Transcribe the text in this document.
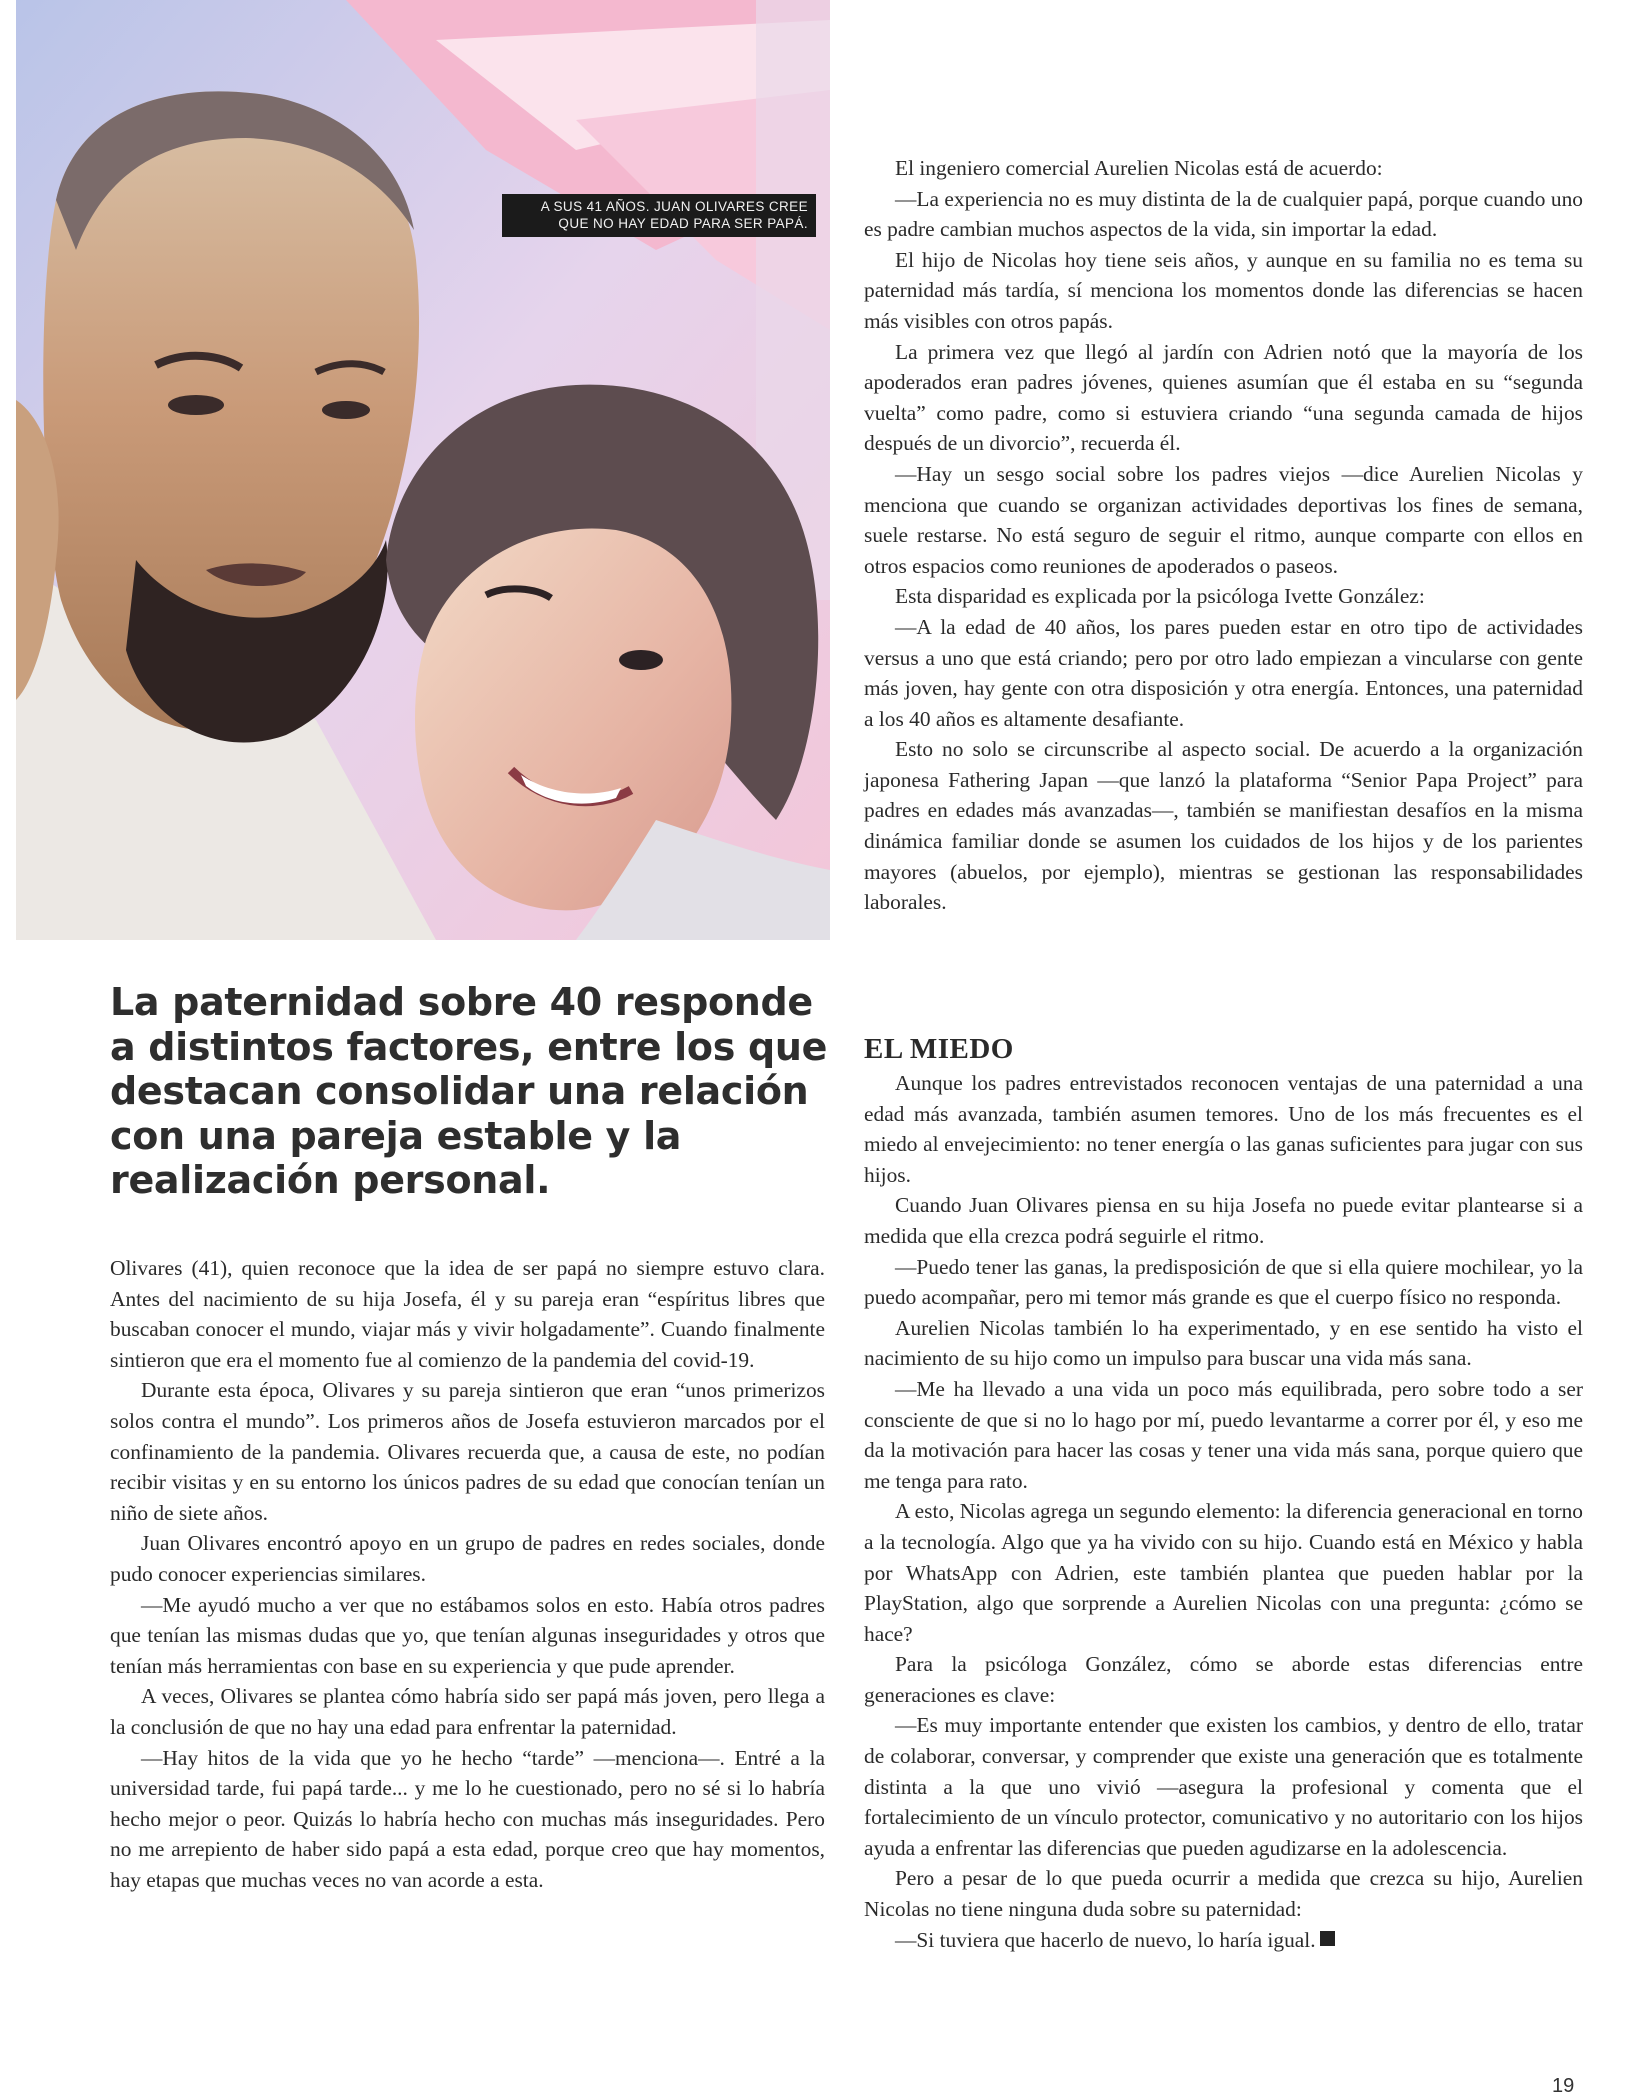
A SUS 41 AÑOS. JUAN OLIVARES CREE QUE NO HAY EDAD PARA SER PAPÁ.
La paternidad sobre 40 responde a distintos factores, entre los que destacan consolidar una relación con una pareja estable y la realización personal.

Olivares (41), quien reconoce que la idea de ser papá no siempre estuvo clara. Antes del nacimiento de su hija Josefa, él y su pareja eran “espíritus libres que buscaban conocer el mundo, viajar más y vivir holgadamente”. Cuando finalmente sintieron que era el momento fue al comienzo de la pandemia del covid-19.

Durante esta época, Olivares y su pareja sintieron que eran “unos primerizos solos contra el mundo”. Los primeros años de Josefa estuvieron marcados por el confinamiento de la pandemia. Olivares recuerda que, a causa de este, no podían recibir visitas y en su entorno los únicos padres de su edad que conocían tenían un niño de siete años.

Juan Olivares encontró apoyo en un grupo de padres en redes sociales, donde pudo conocer experiencias similares.

—Me ayudó mucho a ver que no estábamos solos en esto. Había otros padres que tenían las mismas dudas que yo, que tenían algunas inseguridades y otros que tenían más herramientas con base en su experiencia y que pude aprender.

A veces, Olivares se plantea cómo habría sido ser papá más joven, pero llega a la conclusión de que no hay una edad para enfrentar la paternidad.

—Hay hitos de la vida que yo he hecho “tarde” —menciona—. Entré a la universidad tarde, fui papá tarde... y me lo he cuestionado, pero no sé si lo habría hecho mejor o peor. Quizás lo habría hecho con muchas más inseguridades. Pero no me arrepiento de haber sido papá a esta edad, porque creo que hay momentos, hay etapas que muchas veces no van acorde a esta.

El ingeniero comercial Aurelien Nicolas está de acuerdo:

—La experiencia no es muy distinta de la de cualquier papá, porque cuando uno es padre cambian muchos aspectos de la vida, sin importar la edad.

El hijo de Nicolas hoy tiene seis años, y aunque en su familia no es tema su paternidad más tardía, sí menciona los momentos donde las diferencias se hacen más visibles con otros papás.

La primera vez que llegó al jardín con Adrien notó que la mayoría de los apoderados eran padres jóvenes, quienes asumían que él estaba en su “segunda vuelta” como padre, como si estuviera criando “una segunda camada de hijos después de un divorcio”, recuerda él.

—Hay un sesgo social sobre los padres viejos —dice Aurelien Nicolas y menciona que cuando se organizan actividades deportivas los fines de semana, suele restarse. No está seguro de seguir el ritmo, aunque comparte con ellos en otros espacios como reuniones de apoderados o paseos.

Esta disparidad es explicada por la psicóloga Ivette González:

—A la edad de 40 años, los pares pueden estar en otro tipo de actividades versus a uno que está criando; pero por otro lado empiezan a vincularse con gente más joven, hay gente con otra disposición y otra energía. Entonces, una paternidad a los 40 años es altamente desafiante.

Esto no solo se circunscribe al aspecto social. De acuerdo a la organización japonesa Fathering Japan —que lanzó la plataforma “Senior Papa Project” para padres en edades más avanzadas—, también se manifiestan desafíos en la misma dinámica familiar donde se asumen los cuidados de los hijos y de los parientes mayores (abuelos, por ejemplo), mientras se gestionan las responsabilidades laborales.

EL MIEDO

Aunque los padres entrevistados reconocen ventajas de una paternidad a una edad más avanzada, también asumen temores. Uno de los más frecuentes es el miedo al envejecimiento: no tener energía o las ganas suficientes para jugar con sus hijos.

Cuando Juan Olivares piensa en su hija Josefa no puede evitar plantearse si a medida que ella crezca podrá seguirle el ritmo.

—Puedo tener las ganas, la predisposición de que si ella quiere mochilear, yo la puedo acompañar, pero mi temor más grande es que el cuerpo físico no responda.

Aurelien Nicolas también lo ha experimentado, y en ese sentido ha visto el nacimiento de su hijo como un impulso para buscar una vida más sana.

—Me ha llevado a una vida un poco más equilibrada, pero sobre todo a ser consciente de que si no lo hago por mí, puedo levantarme a correr por él, y eso me da la motivación para hacer las cosas y tener una vida más sana, porque quiero que me tenga para rato.

A esto, Nicolas agrega un segundo elemento: la diferencia generacional en torno a la tecnología. Algo que ya ha vivido con su hijo. Cuando está en México y habla por WhatsApp con Adrien, este también plantea que pueden hablar por la PlayStation, algo que sorprende a Aurelien Nicolas con una pregunta: ¿cómo se hace?

Para la psicóloga González, cómo se aborde estas diferencias entre generaciones es clave:

—Es muy importante entender que existen los cambios, y dentro de ello, tratar de colaborar, conversar, y comprender que existe una generación que es totalmente distinta a la que uno vivió —asegura la profesional y comenta que el fortalecimiento de un vínculo protector, comunicativo y no autoritario con los hijos ayuda a enfrentar las diferencias que pueden agudizarse en la adolescencia.

Pero a pesar de lo que pueda ocurrir a medida que crezca su hijo, Aurelien Nicolas no tiene ninguna duda sobre su paternidad:

—Si tuviera que hacerlo de nuevo, lo haría igual.

19
